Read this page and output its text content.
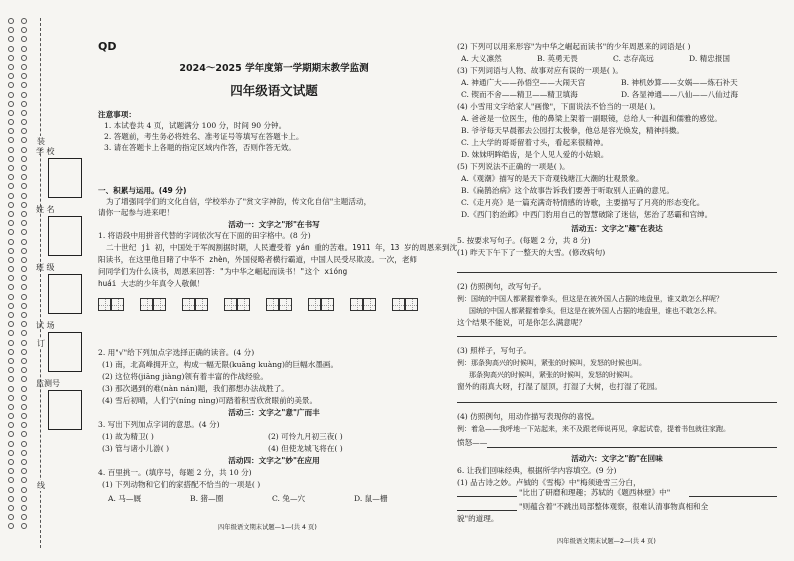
装
订
线
学 校
姓 名
班 级
试 场
监测号
QD
2024～2025 学年度第一学期期末教学监测
四年级语文试题
注意事项：
1. 本试卷共 4 页，试题满分 100 分，时间 90 分钟。
2. 答题前，考生务必将姓名、准考证号等填写在答题卡上。
3. 请在答题卡上各题的指定区域内作答，否则作答无效。
一、积累与运用。(49 分)
为了增强同学们的文化自信，学校举办了"赏文字神韵，传文化自信"主题活动，
请你一起参与进来吧！
活动一：文字之"形"在书写
1. 将语段中用拼音代替的字词依次写在下面的田字格中。(8 分)
二十世纪 jì 初，中国处于军阀割据时期，人民遭受着 yán 重的苦难。1911 年，13 岁的周恩来到沈
阳读书，在这里他目睹了中华不 zhèn，外国侵略者横行霸道，中国人民受尽欺凌。一次，老师
问同学们为什么读书，周恩来回答："为中华之崛起而读书！"这个 xióng
huái 大志的少年真令人敬佩！
2. 用"√"给下列加点字选择正确的读音。(4 分)
(1) 南，北高峰拥开立，构成一幅无限(kuāng kuàng)的巨幅水墨画。
(2) 这位将(jiāng jiàng)领有着丰富的作战经验。
(3) 那次遇到的难(nàn nán)题，我们都想办法战胜了。
(4) 雪后初晴，人们宁(níng nìng)可踏着积雪欣赏眼前的美景。
活动三：文字之"意"广而丰
3. 写出下列加点字词的意思。(4 分)
(1) 故为精卫( )	(2) 可怜九月初三夜( )
(3) 管与诸小儿游( )	(4) 但使龙城飞将在( )
活动四：文字之"妙"在应用
4. 百里挑一。(填序号，每题 2 分，共 10 分)
(1) 下列动物和它们的家搭配不恰当的一项是( )
A. 马—厩	B. 猪—圈	C. 兔—穴	D. 鼠—栅
四年级语文期末试题—1—(共 4 页)
(2) 下列可以用来形容"为中华之崛起而读书"的少年周恩来的词语是( )
A. 大义凛然	B. 英勇无畏	C. 志存高远	D. 精忠报国
(3) 下列词语与人物、故事对应有误的一项是( )。
A. 神通广大——孙悟空——大闹天宫	B. 神机妙算——女娲——炼石补天
C. 锲而不舍——精卫——精卫填海	D. 各显神通——八仙——八仙过海
(4) 小雪用文字给家人"画像"，下面说法不恰当的一项是( )。
A. 爸爸是一位医生，他的鼻梁上架着一副眼镜，总给人一种温和儒雅的感觉。
B. 爷爷每天早晨都去公园打太极拳，他总是容光焕发，精神抖擞。
C. 上大学的哥哥留着寸头，看起来很精神。
D. 妹妹明眸皓齿，是个人见人爱的小姑娘。
(5) 下列说法不正确的一项是( )。
A.《观潮》描写的是天下奇观钱塘江大潮的壮观景象。
B.《扁鹊治病》这个故事告诉我们要善于听取别人正确的意见。
C.《走月亮》是一篇充满奇特情感的诗歌，主要描写了月亮的形态变化。
D.《西门豹治邺》中西门豹用自己的智慧破除了迷信，惩治了恶霸和官绅。
活动五：文字之"趣"在表达
5. 按要求写句子。(每题 2 分，共 8 分)
(1) 昨天下午下了一整天的大雪。(修改病句)
(2) 仿照例句，改写句子。
例：国统的中国人都紧握着拳头，但这是在被外国人占据的地盘里，谁又敢怎么样呢？
国统的中国人都紧握着拳头，但这是在被外国人占据的地盘里，谁也不敢怎么样。
这个结果不能说，可是你怎么满意呢？
(3) 照样子，写句子。
例：那条狗高兴的时候叫，紧张的时候叫，发怒的时候也叫。
那条狗高兴的时候叫，紧张的时候叫，发怒的时候叫。
窗外的雨真大呀，打湿了屋顶，打湿了大树，也打湿了花园。
(4) 仿照例句，用动作描写表现你的喜悦。
例：着急——我呼地一下站起来，来不及跟老师说再见，拿起试卷，提着书包就往家跑。
愤怒——
活动六：文字之"韵"在回味
6. 让我们回味经典，根据所学内容填空。(9 分)
(1) 品古诗之妙。卢钺的《雪梅》中"梅须逊雪三分白，
"比出了研磨和理趣；苏轼的《题西林壁》中"
"则蕴含着"不跳出局部整体观察，很难认清事物真相和全
貌"的道理。
四年级语文期末试题—2—(共 4 页)
